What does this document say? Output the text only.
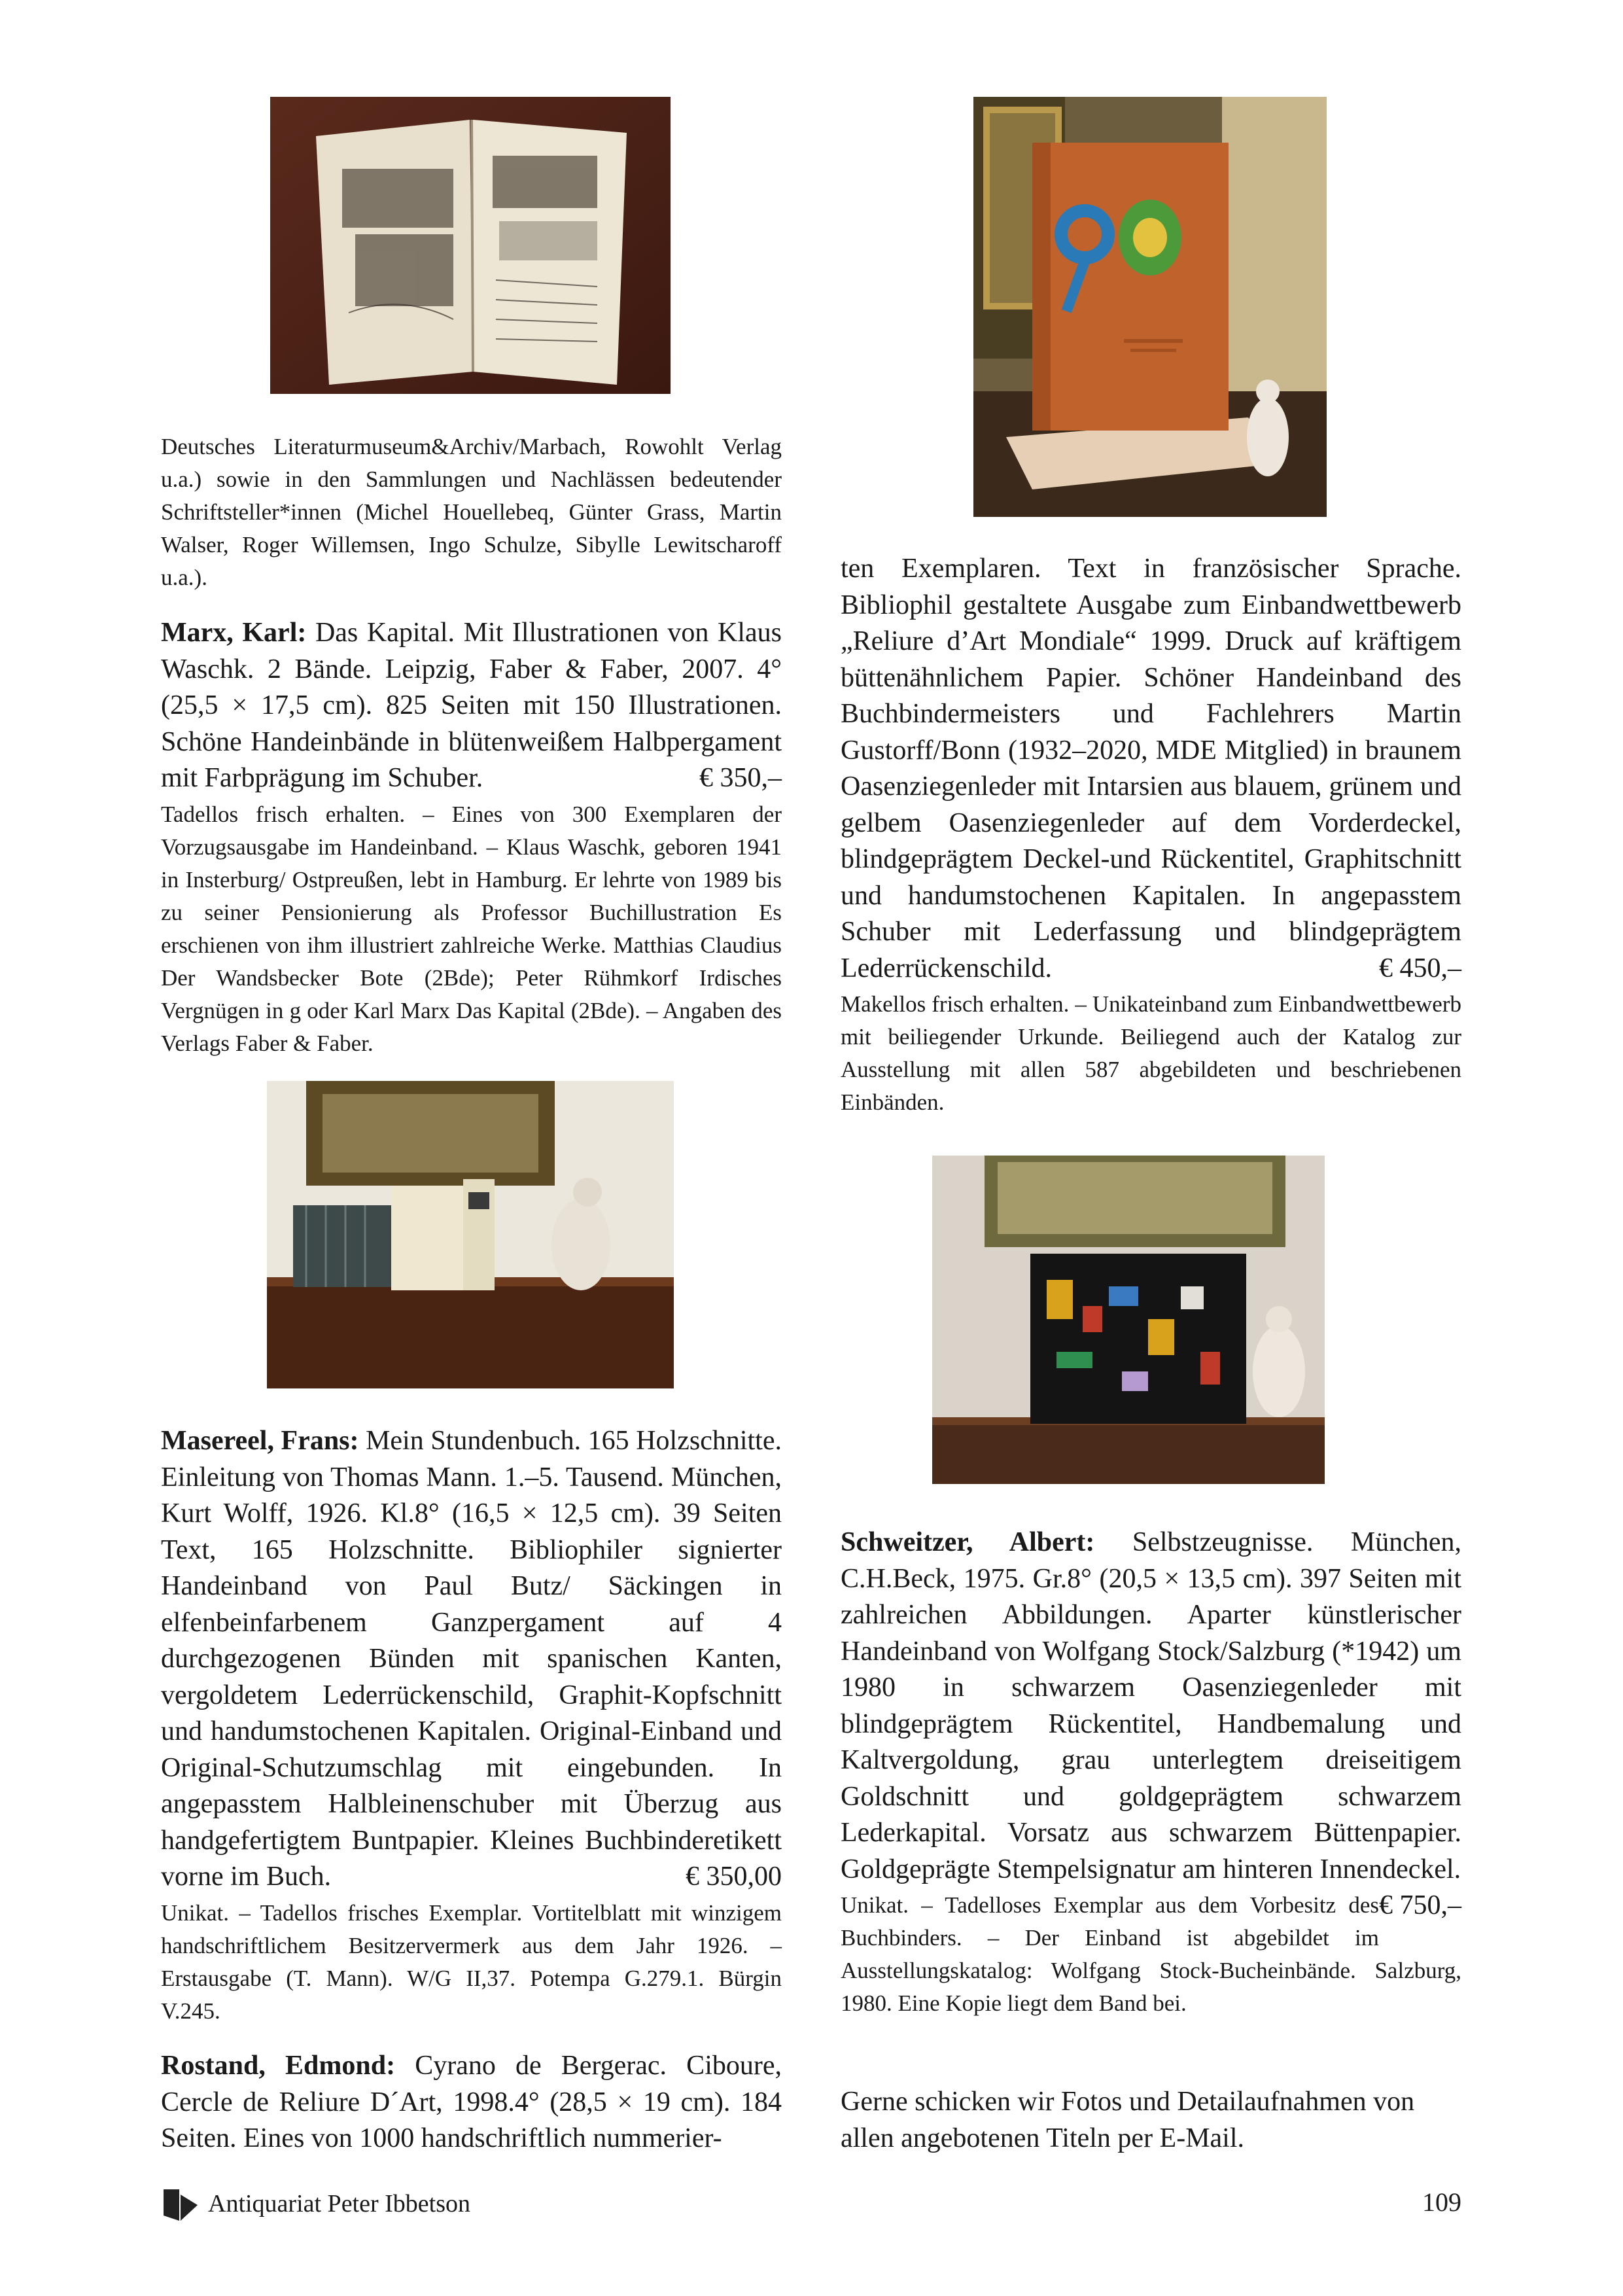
Deutsches Literaturmuseum&Archiv/Marbach, Rowohlt Verlag u.a.) sowie in den Sammlungen und Nachlässen bedeutender Schriftsteller*innen (Michel Houellebeq, Günter Grass, Martin Walser, Roger Willemsen, Ingo Schulze, Sibylle Lewitscharoff u.a.).

Marx, Karl: Das Kapital. Mit Illustrationen von Klaus Waschk. 2 Bände. Leipzig, Faber & Faber, 2007. 4° (25,5 × 17,5 cm). 825 Seiten mit 150 Illustrationen. Schöne Handeinbände in blütenweißem Halbpergament mit Farbprägung im Schuber.	€ 350,–

Tadellos frisch erhalten. – Eines von 300 Exemplaren der Vorzugsausgabe im Handeinband. – Klaus Waschk, geboren 1941 in Insterburg/ Ostpreußen, lebt in Hamburg. Er lehrte von 1989 bis zu seiner Pensionierung als Professor Buchillustration Es erschienen von ihm illustriert zahlreiche Werke. Matthias Claudius Der Wandsbecker Bote (2Bde); Peter Rühmkorf Irdisches Vergnügen in g oder Karl Marx Das Kapital (2Bde). – Angaben des Verlags Faber & Faber.

Masereel, Frans: Mein Stundenbuch. 165 Holzschnitte. Einleitung von Thomas Mann. 1.–5. Tausend. München, Kurt Wolff, 1926. Kl.8° (16,5 × 12,5 cm). 39 Seiten Text, 165 Holzschnitte. Bibliophiler signierter Handeinband von Paul Butz/ Säckingen in elfenbeinfarbenem Ganzpergament auf 4 durchgezogenen Bünden mit spanischen Kanten, vergoldetem Lederrückenschild, Graphit-Kopfschnitt und handumstochenen Kapitalen. Original-Einband und Original-Schutzumschlag mit eingebunden. In angepasstem Halbleinenschuber mit Überzug aus handgefertigtem Buntpapier. Kleines Buchbinderetikett vorne im Buch.	€ 350,00

Unikat. – Tadellos frisches Exemplar. Vortitelblatt mit winzigem handschriftlichem Besitzervermerk aus dem Jahr 1926. – Erstausgabe (T. Mann). W/G II,37. Potempa G.279.1. Bürgin V.245.

Rostand, Edmond: Cyrano de Bergerac. Ciboure, Cercle de Reliure D´Art, 1998.4° (28,5 × 19 cm). 184 Seiten. Eines von 1000 handschriftlich nummerier-

ten Exemplaren. Text in französischer Sprache. Bibliophil gestaltete Ausgabe zum Einbandwettbewerb „Reliure d’Art Mondiale“ 1999. Druck auf kräftigem büttenähnlichem Papier. Schöner Handeinband des Buchbindermeisters und Fachlehrers Martin Gustorff/Bonn (1932–2020, MDE Mitglied) in braunem Oasenziegenleder mit Intarsien aus blauem, grünem und gelbem Oasenziegenleder auf dem Vorderdeckel, blindgeprägtem Deckel-und Rückentitel, Graphitschnitt und handumstochenen Kapitalen. In angepasstem Schuber mit Lederfassung und blindgeprägtem Lederrückenschild.	€ 450,–

Makellos frisch erhalten. – Unikateinband zum Einbandwettbewerb mit beiliegender Urkunde. Beiliegend auch der Katalog zur Ausstellung mit allen 587 abgebildeten und beschriebenen Einbänden.

Schweitzer, Albert: Selbstzeugnisse. München, C.H.Beck, 1975. Gr.8° (20,5 × 13,5 cm). 397 Seiten mit zahlreichen Abbildungen. Aparter künstlerischer Handeinband von Wolfgang Stock/Salzburg (*1942) um 1980 in schwarzem Oasenziegenleder mit blindgeprägtem Rückentitel, Handbemalung und Kaltvergoldung, grau unterlegtem dreiseitigem Goldschnitt und goldgeprägtem schwarzem Lederkapital. Vorsatz aus schwarzem Büttenpapier. Goldgeprägte Stempelsignatur am hinteren Innendeckel.
€ 750,–

Unikat. – Tadelloses Exemplar aus dem Vorbesitz des Buchbinders. – Der Einband ist abgebildet im Ausstellungskatalog: Wolfgang Stock-Bucheinbände. Salzburg, 1980. Eine Kopie liegt dem Band bei.

Gerne schicken wir Fotos und Detailaufnahmen von allen angebotenen Titeln per E-Mail.

Antiquariat Peter Ibbetson	109
